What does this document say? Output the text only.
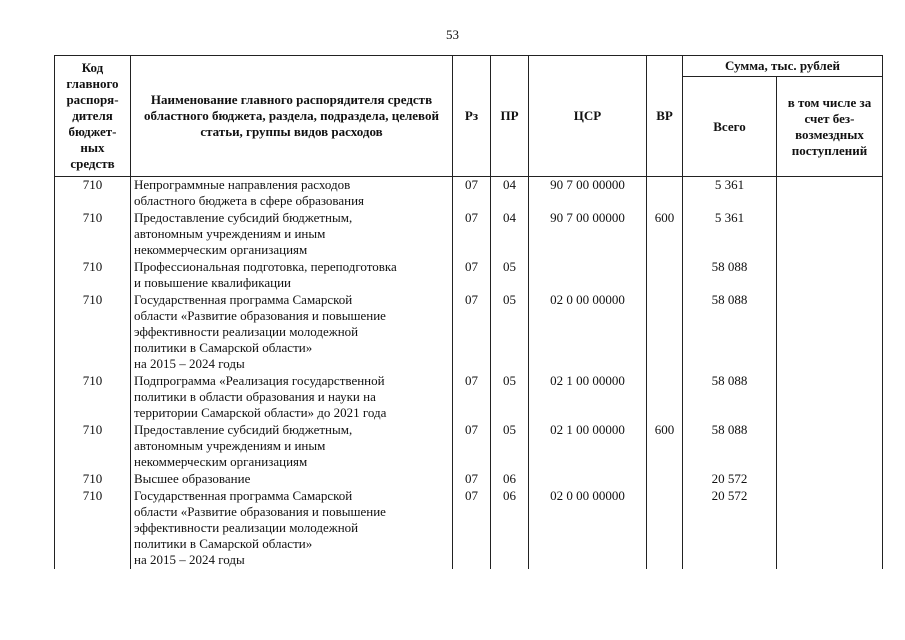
53
Код главного распоря-дителя бюджет-ных средств	Наименование главного распорядителя средств областного бюджета, раздела, подраздела, целевой статьи, группы видов расходов	Рз	ПР	ЦСР	ВР	Сумма, тыс. рублей	
						Всего	в том числе за счет без-возмездных поступлений
710	Непрограммные направления расходов
областного бюджета в сфере образования	07	04	90 7 00 00000		5 361	
710	Предоставление субсидий бюджетным,
автономным учреждениям и иным
некоммерческим организациям	07	04	90 7 00 00000	600	5 361	
710	Профессиональная подготовка, переподготовка
и повышение квалификации	07	05			58 088	
710	Государственная программа Самарской
области «Развитие образования и повышение
эффективности реализации молодежной
политики в Самарской области»
на 2015 – 2024 годы	07	05	02 0 00 00000		58 088	
710	Подпрограмма «Реализация государственной
политики в области образования и науки на
территории Самарской области» до 2021 года	07	05	02 1 00 00000		58 088	
710	Предоставление субсидий бюджетным,
автономным учреждениям и иным
некоммерческим организациям	07	05	02 1 00 00000	600	58 088	
710	Высшее образование	07	06			20 572	
710	Государственная программа Самарской
области «Развитие образования и повышение
эффективности реализации молодежной
политики в Самарской области»
на 2015 – 2024 годы	07	06	02 0 00 00000		20 572	
